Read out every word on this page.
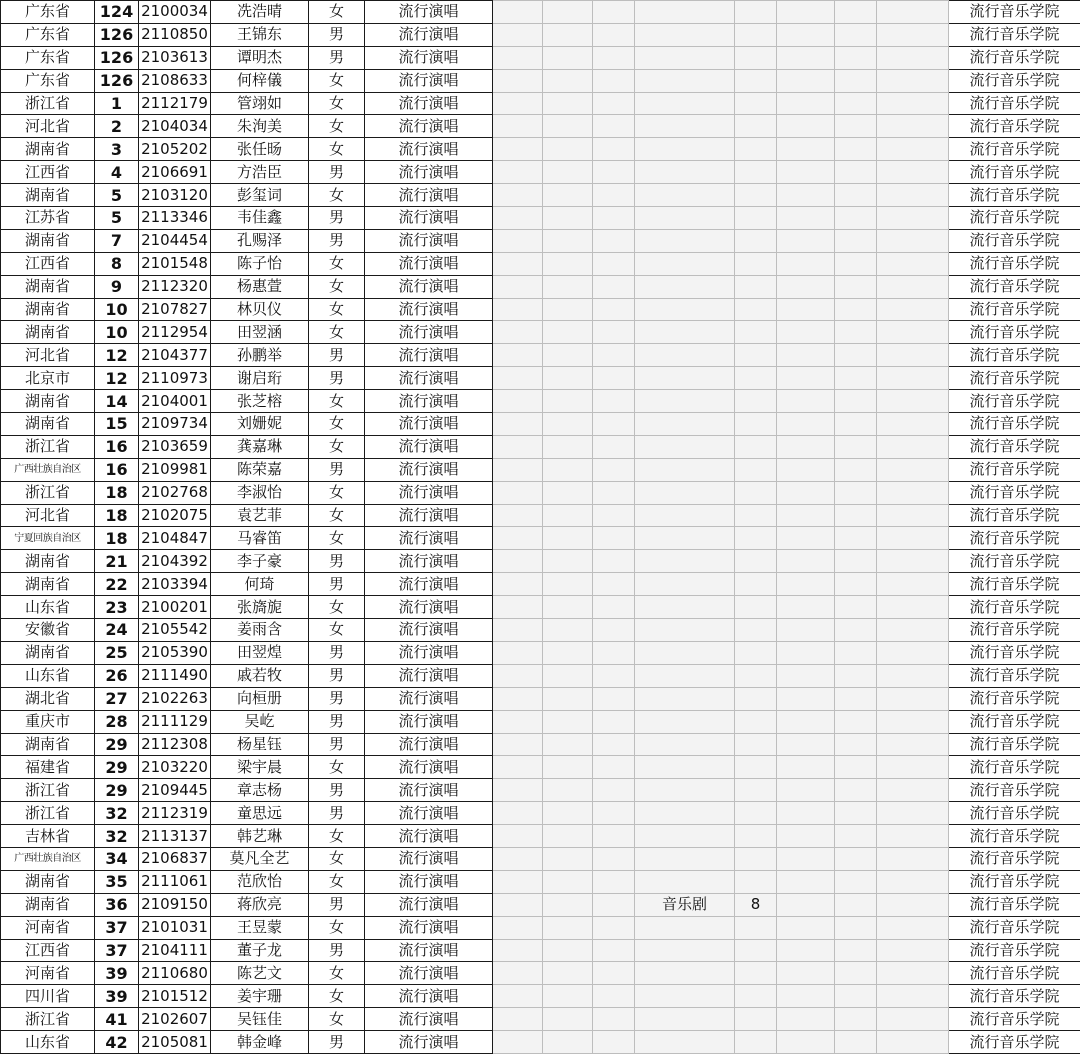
广东省	124	2100034	冼浩晴	女	流行演唱									流行音乐学院
广东省	126	2110850	王锦东	男	流行演唱									流行音乐学院
广东省	126	2103613	谭明杰	男	流行演唱									流行音乐学院
广东省	126	2108633	何梓儀	女	流行演唱									流行音乐学院
浙江省	1	2112179	管翊如	女	流行演唱									流行音乐学院
河北省	2	2104034	朱洵美	女	流行演唱									流行音乐学院
湖南省	3	2105202	张任旸	女	流行演唱									流行音乐学院
江西省	4	2106691	方浩臣	男	流行演唱									流行音乐学院
湖南省	5	2103120	彭玺词	女	流行演唱									流行音乐学院
江苏省	5	2113346	韦佳鑫	男	流行演唱									流行音乐学院
湖南省	7	2104454	孔赐泽	男	流行演唱									流行音乐学院
江西省	8	2101548	陈子怡	女	流行演唱									流行音乐学院
湖南省	9	2112320	杨惠萱	女	流行演唱									流行音乐学院
湖南省	10	2107827	林贝仪	女	流行演唱									流行音乐学院
湖南省	10	2112954	田翌涵	女	流行演唱									流行音乐学院
河北省	12	2104377	孙鹏举	男	流行演唱									流行音乐学院
北京市	12	2110973	谢启珩	男	流行演唱									流行音乐学院
湖南省	14	2104001	张芝榕	女	流行演唱									流行音乐学院
湖南省	15	2109734	刘姗妮	女	流行演唱									流行音乐学院
浙江省	16	2103659	龚嘉琳	女	流行演唱									流行音乐学院
广西壮族自治区	16	2109981	陈荣嘉	男	流行演唱									流行音乐学院
浙江省	18	2102768	李淑怡	女	流行演唱									流行音乐学院
河北省	18	2102075	袁艺菲	女	流行演唱									流行音乐学院
宁夏回族自治区	18	2104847	马睿笛	女	流行演唱									流行音乐学院
湖南省	21	2104392	李子豪	男	流行演唱									流行音乐学院
湖南省	22	2103394	何琦	男	流行演唱									流行音乐学院
山东省	23	2100201	张旖旎	女	流行演唱									流行音乐学院
安徽省	24	2105542	姜雨含	女	流行演唱									流行音乐学院
湖南省	25	2105390	田翌煌	男	流行演唱									流行音乐学院
山东省	26	2111490	戚若牧	男	流行演唱									流行音乐学院
湖北省	27	2102263	向桓册	男	流行演唱									流行音乐学院
重庆市	28	2111129	吴屹	男	流行演唱									流行音乐学院
湖南省	29	2112308	杨星钰	男	流行演唱									流行音乐学院
福建省	29	2103220	梁宇晨	女	流行演唱									流行音乐学院
浙江省	29	2109445	章志杨	男	流行演唱									流行音乐学院
浙江省	32	2112319	童思远	男	流行演唱									流行音乐学院
吉林省	32	2113137	韩艺琳	女	流行演唱									流行音乐学院
广西壮族自治区	34	2106837	莫凡全艺	女	流行演唱									流行音乐学院
湖南省	35	2111061	范欣怡	女	流行演唱									流行音乐学院
湖南省	36	2109150	蒋欣亮	男	流行演唱				音乐剧	8				流行音乐学院
河南省	37	2101031	王昱蒙	女	流行演唱									流行音乐学院
江西省	37	2104111	董子龙	男	流行演唱									流行音乐学院
河南省	39	2110680	陈艺文	女	流行演唱									流行音乐学院
四川省	39	2101512	姜宇珊	女	流行演唱									流行音乐学院
浙江省	41	2102607	吴钰佳	女	流行演唱									流行音乐学院
山东省	42	2105081	韩金峰	男	流行演唱									流行音乐学院
